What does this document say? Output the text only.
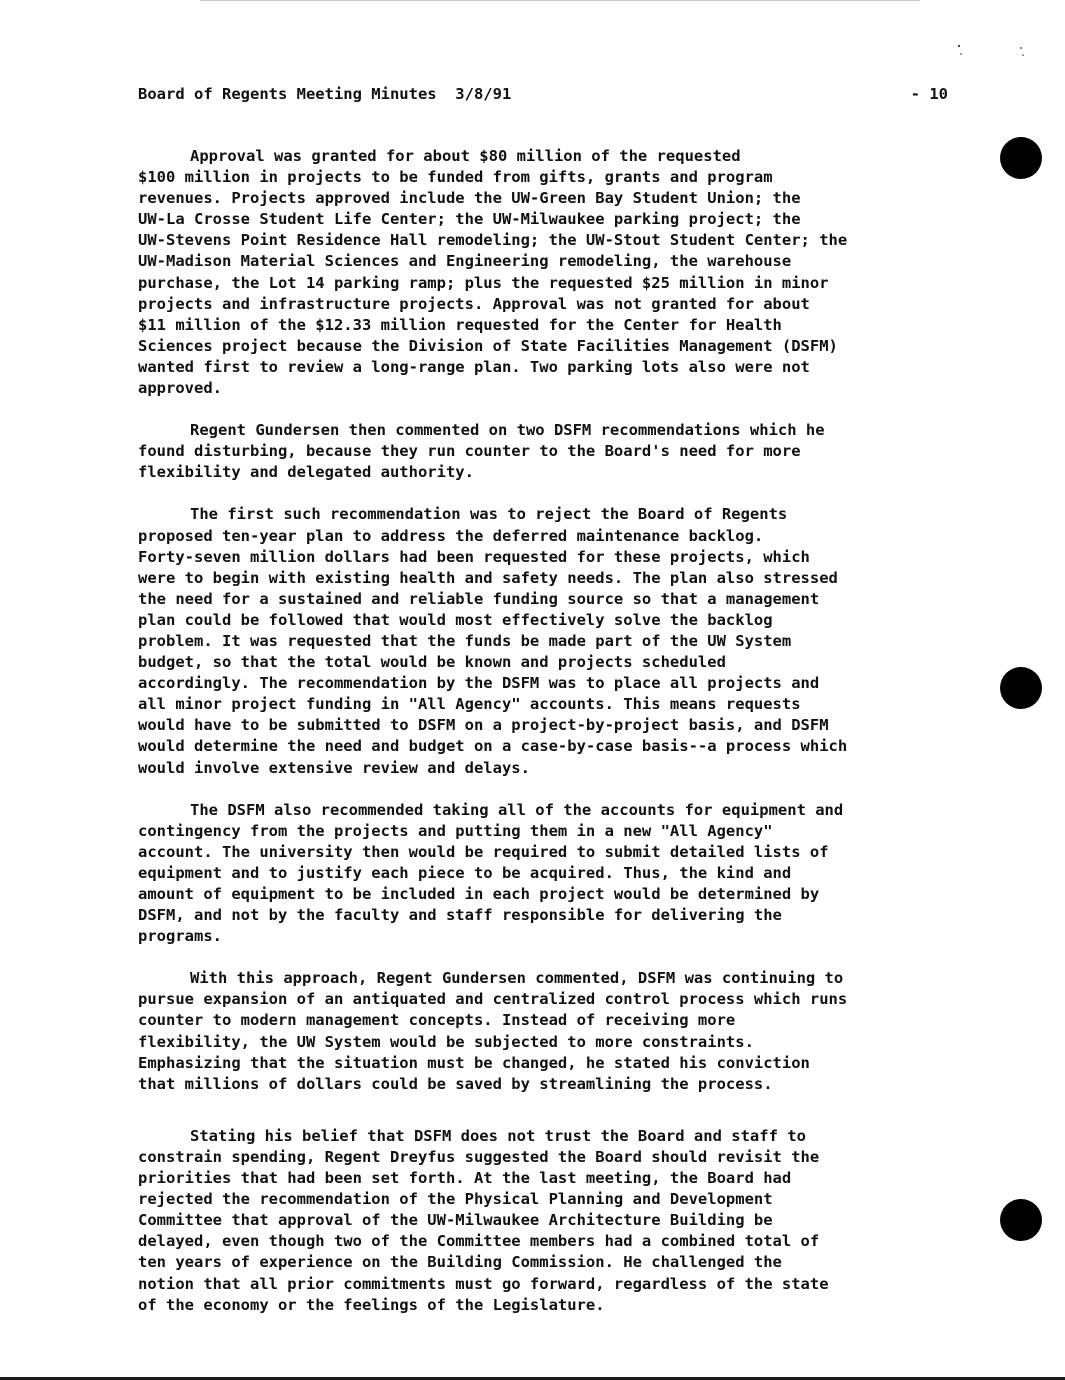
Board of Regents Meeting Minutes  3/8/91	- 10

Approval was granted for about $80 million of the requested
$100 million in projects to be funded from gifts, grants and program
revenues. Projects approved include the UW-Green Bay Student Union; the
UW-La Crosse Student Life Center; the UW-Milwaukee parking project; the
UW-Stevens Point Residence Hall remodeling; the UW-Stout Student Center; the
UW-Madison Material Sciences and Engineering remodeling, the warehouse
purchase, the Lot 14 parking ramp; plus the requested $25 million in minor
projects and infrastructure projects. Approval was not granted for about
$11 million of the $12.33 million requested for the Center for Health
Sciences project because the Division of State Facilities Management (DSFM)
wanted first to review a long-range plan. Two parking lots also were not
approved.

Regent Gundersen then commented on two DSFM recommendations which he
found disturbing, because they run counter to the Board's need for more
flexibility and delegated authority.

The first such recommendation was to reject the Board of Regents
proposed ten-year plan to address the deferred maintenance backlog.
Forty-seven million dollars had been requested for these projects, which
were to begin with existing health and safety needs. The plan also stressed
the need for a sustained and reliable funding source so that a management
plan could be followed that would most effectively solve the backlog
problem. It was requested that the funds be made part of the UW System
budget, so that the total would be known and projects scheduled
accordingly. The recommendation by the DSFM was to place all projects and
all minor project funding in "All Agency" accounts. This means requests
would have to be submitted to DSFM on a project-by-project basis, and DSFM
would determine the need and budget on a case-by-case basis--a process which
would involve extensive review and delays.

The DSFM also recommended taking all of the accounts for equipment and
contingency from the projects and putting them in a new "All Agency"
account. The university then would be required to submit detailed lists of
equipment and to justify each piece to be acquired. Thus, the kind and
amount of equipment to be included in each project would be determined by
DSFM, and not by the faculty and staff responsible for delivering the
programs.

With this approach, Regent Gundersen commented, DSFM was continuing to
pursue expansion of an antiquated and centralized control process which runs
counter to modern management concepts. Instead of receiving more
flexibility, the UW System would be subjected to more constraints.
Emphasizing that the situation must be changed, he stated his conviction
that millions of dollars could be saved by streamlining the process.

Stating his belief that DSFM does not trust the Board and staff to
constrain spending, Regent Dreyfus suggested the Board should revisit the
priorities that had been set forth. At the last meeting, the Board had
rejected the recommendation of the Physical Planning and Development
Committee that approval of the UW-Milwaukee Architecture Building be
delayed, even though two of the Committee members had a combined total of
ten years of experience on the Building Commission. He challenged the
notion that all prior commitments must go forward, regardless of the state
of the economy or the feelings of the Legislature.
